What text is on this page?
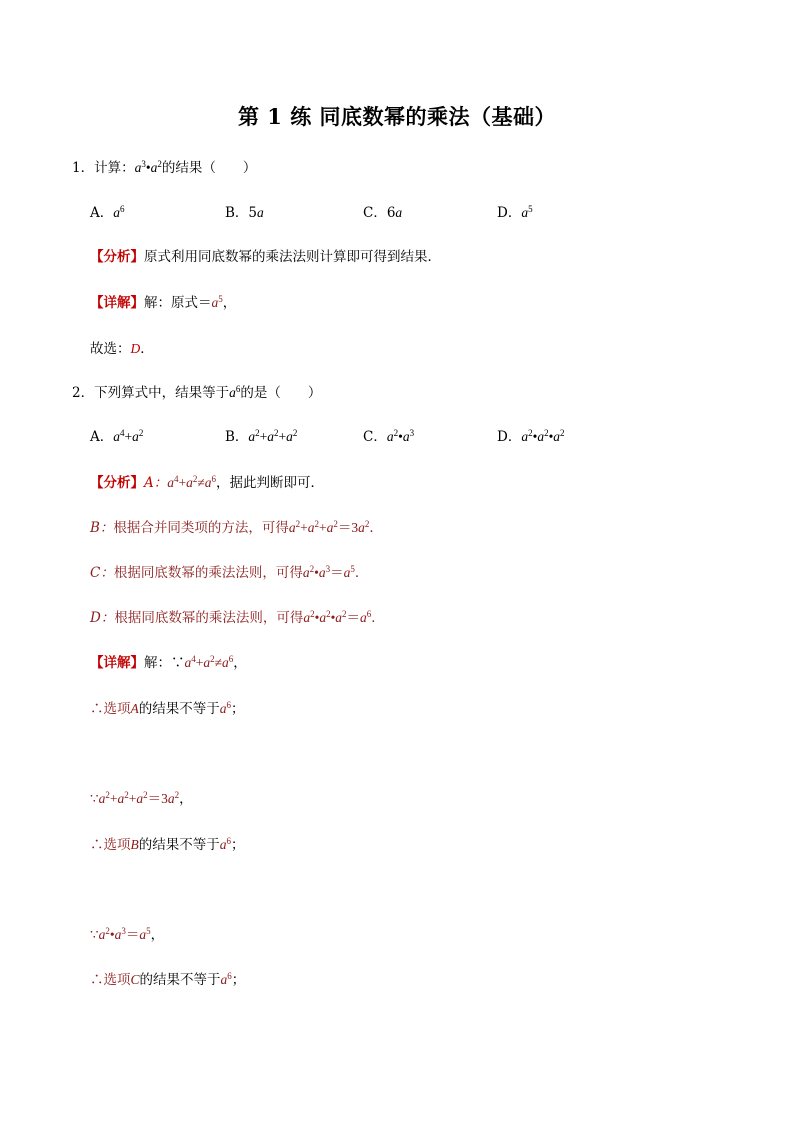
第 1 练 同底数幂的乘法（基础）
1．计算：$a^3•a^2$的结果（　　）
A．$a^6$	B．5a	C．6a	D．$a^5$
【分析】原式利用同底数幂的乘法法则计算即可得到结果．
【详解】解：原式$=a^5$，
故选：D．
2．下列算式中，结果等于$a^6$的是（　　）
A．$a^4+a^2$	B．$a^2+a^2+a^2$	C．$a^2•a^3$	D．$a^2•a^2•a^2$
【分析】A：$a^4+a^2\ne a^6$，据此判断即可．
B：根据合并同类项的方法，可得$a^2+a^2+a^2=3a^2$．
C：根据同底数幂的乘法法则，可得$a^2•a^3=a^5$．
D：根据同底数幂的乘法法则，可得$a^2•a^2•a^2=a^6$．
【详解】解：$\because a^4+a^2\ne a^6$，
∴选项A的结果不等于$a^6$；
$\because a^2+a^2+a^2=3a^2$，
∴选项B的结果不等于$a^6$；
$\because a^2•a^3=a^5$，
∴选项C的结果不等于$a^6$；
